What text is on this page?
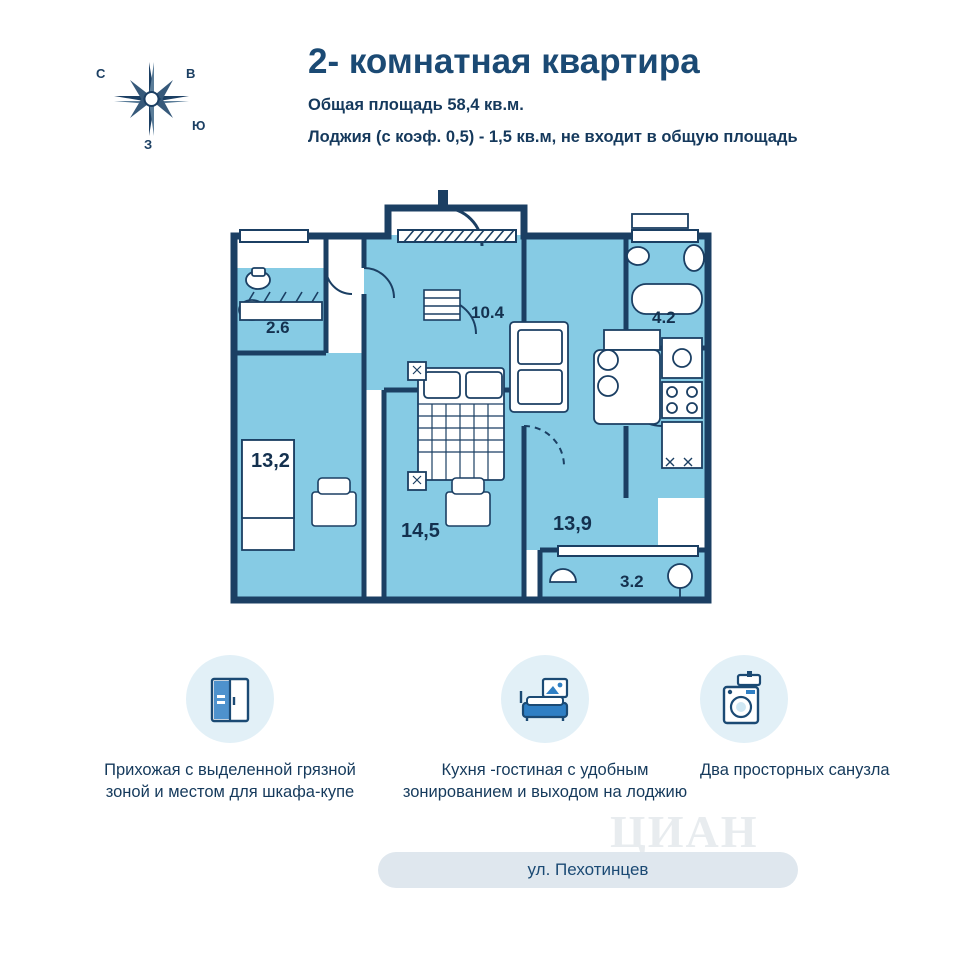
С	В
З
Ю
2- комнатная квартира
Общая площадь 58,4 кв.м.
Лоджия (с коэф. 0,5) - 1,5 кв.м, не входит в общую площадь
10.4
2.6
4.2
13,2
14,5	13,9
3.2
Прихожая с выделенной грязной зоной и местом для шкафа-купе
Кухня -гостиная с удобным зонированием и выходом на лоджию
Два просторных санузла
ЦИАН
ул. Пехотинцев
